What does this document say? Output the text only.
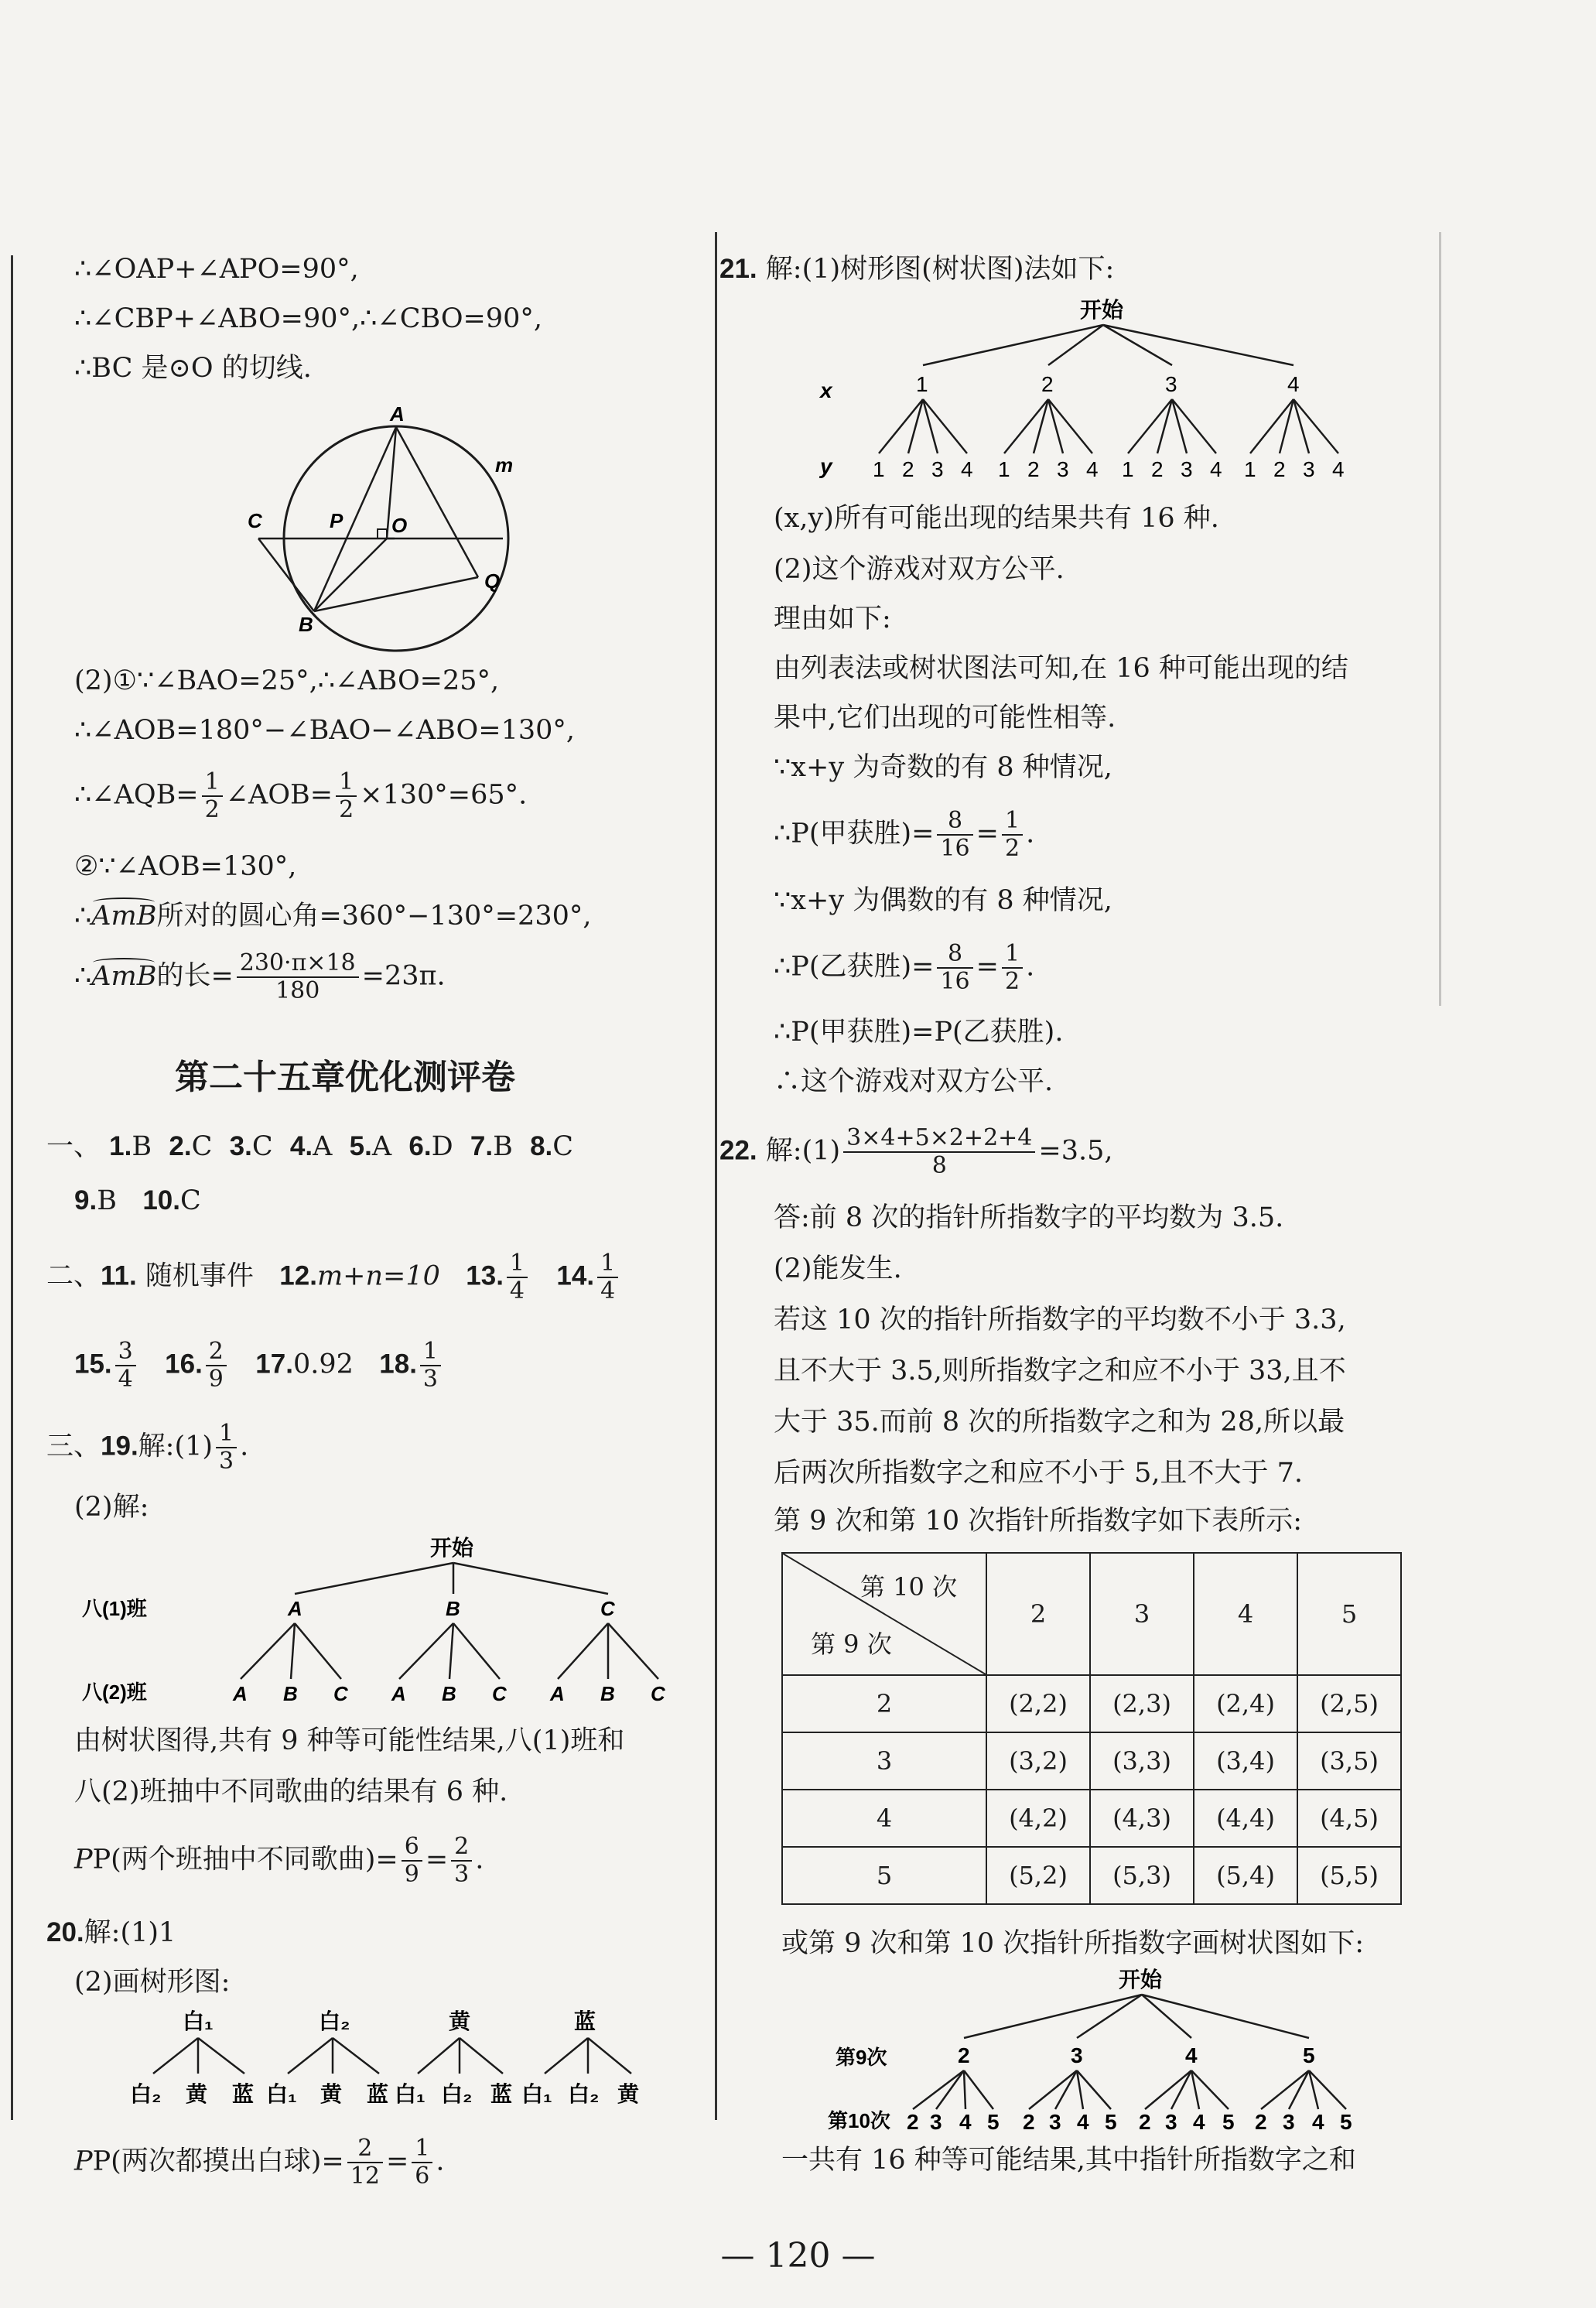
∴∠OAP+∠APO=90°,
∴∠CBP+∠ABO=90°,∴∠CBO=90°,
∴BC 是⊙O 的切线.
A
m
C	P O
Q
B
(2)①∵∠BAO=25°,∴∠ABO=25°,
∴∠AOB=180°−∠BAO−∠ABO=130°,
∴∠AQB= $\frac{1}{2}$ ∠AOB= $\frac{1}{2} \times 130^\circ=65^\circ$.
②∵∠AOB=130°,
∴AmB所对的圆心角=360°−130°=230°,
∴AmB的长= $\frac{230\cdot\pi\times 18}{180} =23\pi$.
第二十五章优化测评卷
一、 1.B 2.C 3.C 4.A 5.A 6.D 7.B 8.C
9.B 10.C
二、11. 随机事件 12.m+n=10 13. $\frac{1}{4} 14$. $\frac{1}{4}$
15. $\frac{3}{4} 16$. $\frac{2}{9} 17.0.92$ 18. $\frac{1}{3}$
三、19.解:(1) $\frac{1}{3}$ .
(2)解:
开始
八(1)班
八(2)班
A	B	C
A B C A B C A B C
由树状图得,共有 9 种等可能性结果,八(1)班和
八(2)班抽中不同歌曲的结果有 6 种.
PP(两个班抽中不同歌曲)= $\frac{6}{9} = \frac{2}{3}$ .
20.解:(1)1
(2)画树形图:
白₁	白₂	黄	蓝
白₂ 黄 蓝 白₁ 黄 蓝 白₁ 白₂ 蓝 白₁ 白₂ 黄
PP(两次都摸出白球)= $\frac{2}{12} = \frac{1}{6}$ .
21. 解:(1)树形图(树状图)法如下:
开始
x
y
1	2	3	4
1 2 3 4 1 2 3 4 1 2 3 4 1 2 3 4
(x,y)所有可能出现的结果共有 16 种.
(2)这个游戏对双方公平.
理由如下:
由列表法或树状图法可知,在 16 种可能出现的结
果中,它们出现的可能性相等.
∵x+y 为奇数的有 8 种情况,
∴P(甲获胜)= $\frac{8}{16} = \frac{1}{2}$ .
∵x+y 为偶数的有 8 种情况,
∴P(乙获胜)= $\frac{8}{16} = \frac{1}{2}$ .
∴P(甲获胜)=P(乙获胜).
∴这个游戏对双方公平.
22. 解:(1) $\frac{3\times 4+5\times 2+2+4}{8} =3.5$,
答:前 8 次的指针所指数字的平均数为 3.5.
(2)能发生.
若这 10 次的指针所指数字的平均数不小于 3.3,
且不大于 3.5,则所指数字之和应不小于 33,且不
大于 35.而前 8 次的所指数字之和为 28,所以最
后两次所指数字之和应不小于 5,且不大于 7.
第 9 次和第 10 次指针所指数字如下表所示:
第 10 次
第 9 次	2	3	4	5
2	(2,2)	(2,3)	(2,4)	(2,5)
3	(3,2)	(3,3)	(3,4)	(3,5)
4	(4,2)	(4,3)	(4,4)	(4,5)
5	(5,2)	(5,3)	(5,4)	(5,5)
或第 9 次和第 10 次指针所指数字画树状图如下:
开始
第9次
第10次
2	3	4	5
2 3 4 5 2 3 4 5 2 3 4 5 2 3 4 5
一共有 16 种等可能结果,其中指针所指数字之和
— 120 —
